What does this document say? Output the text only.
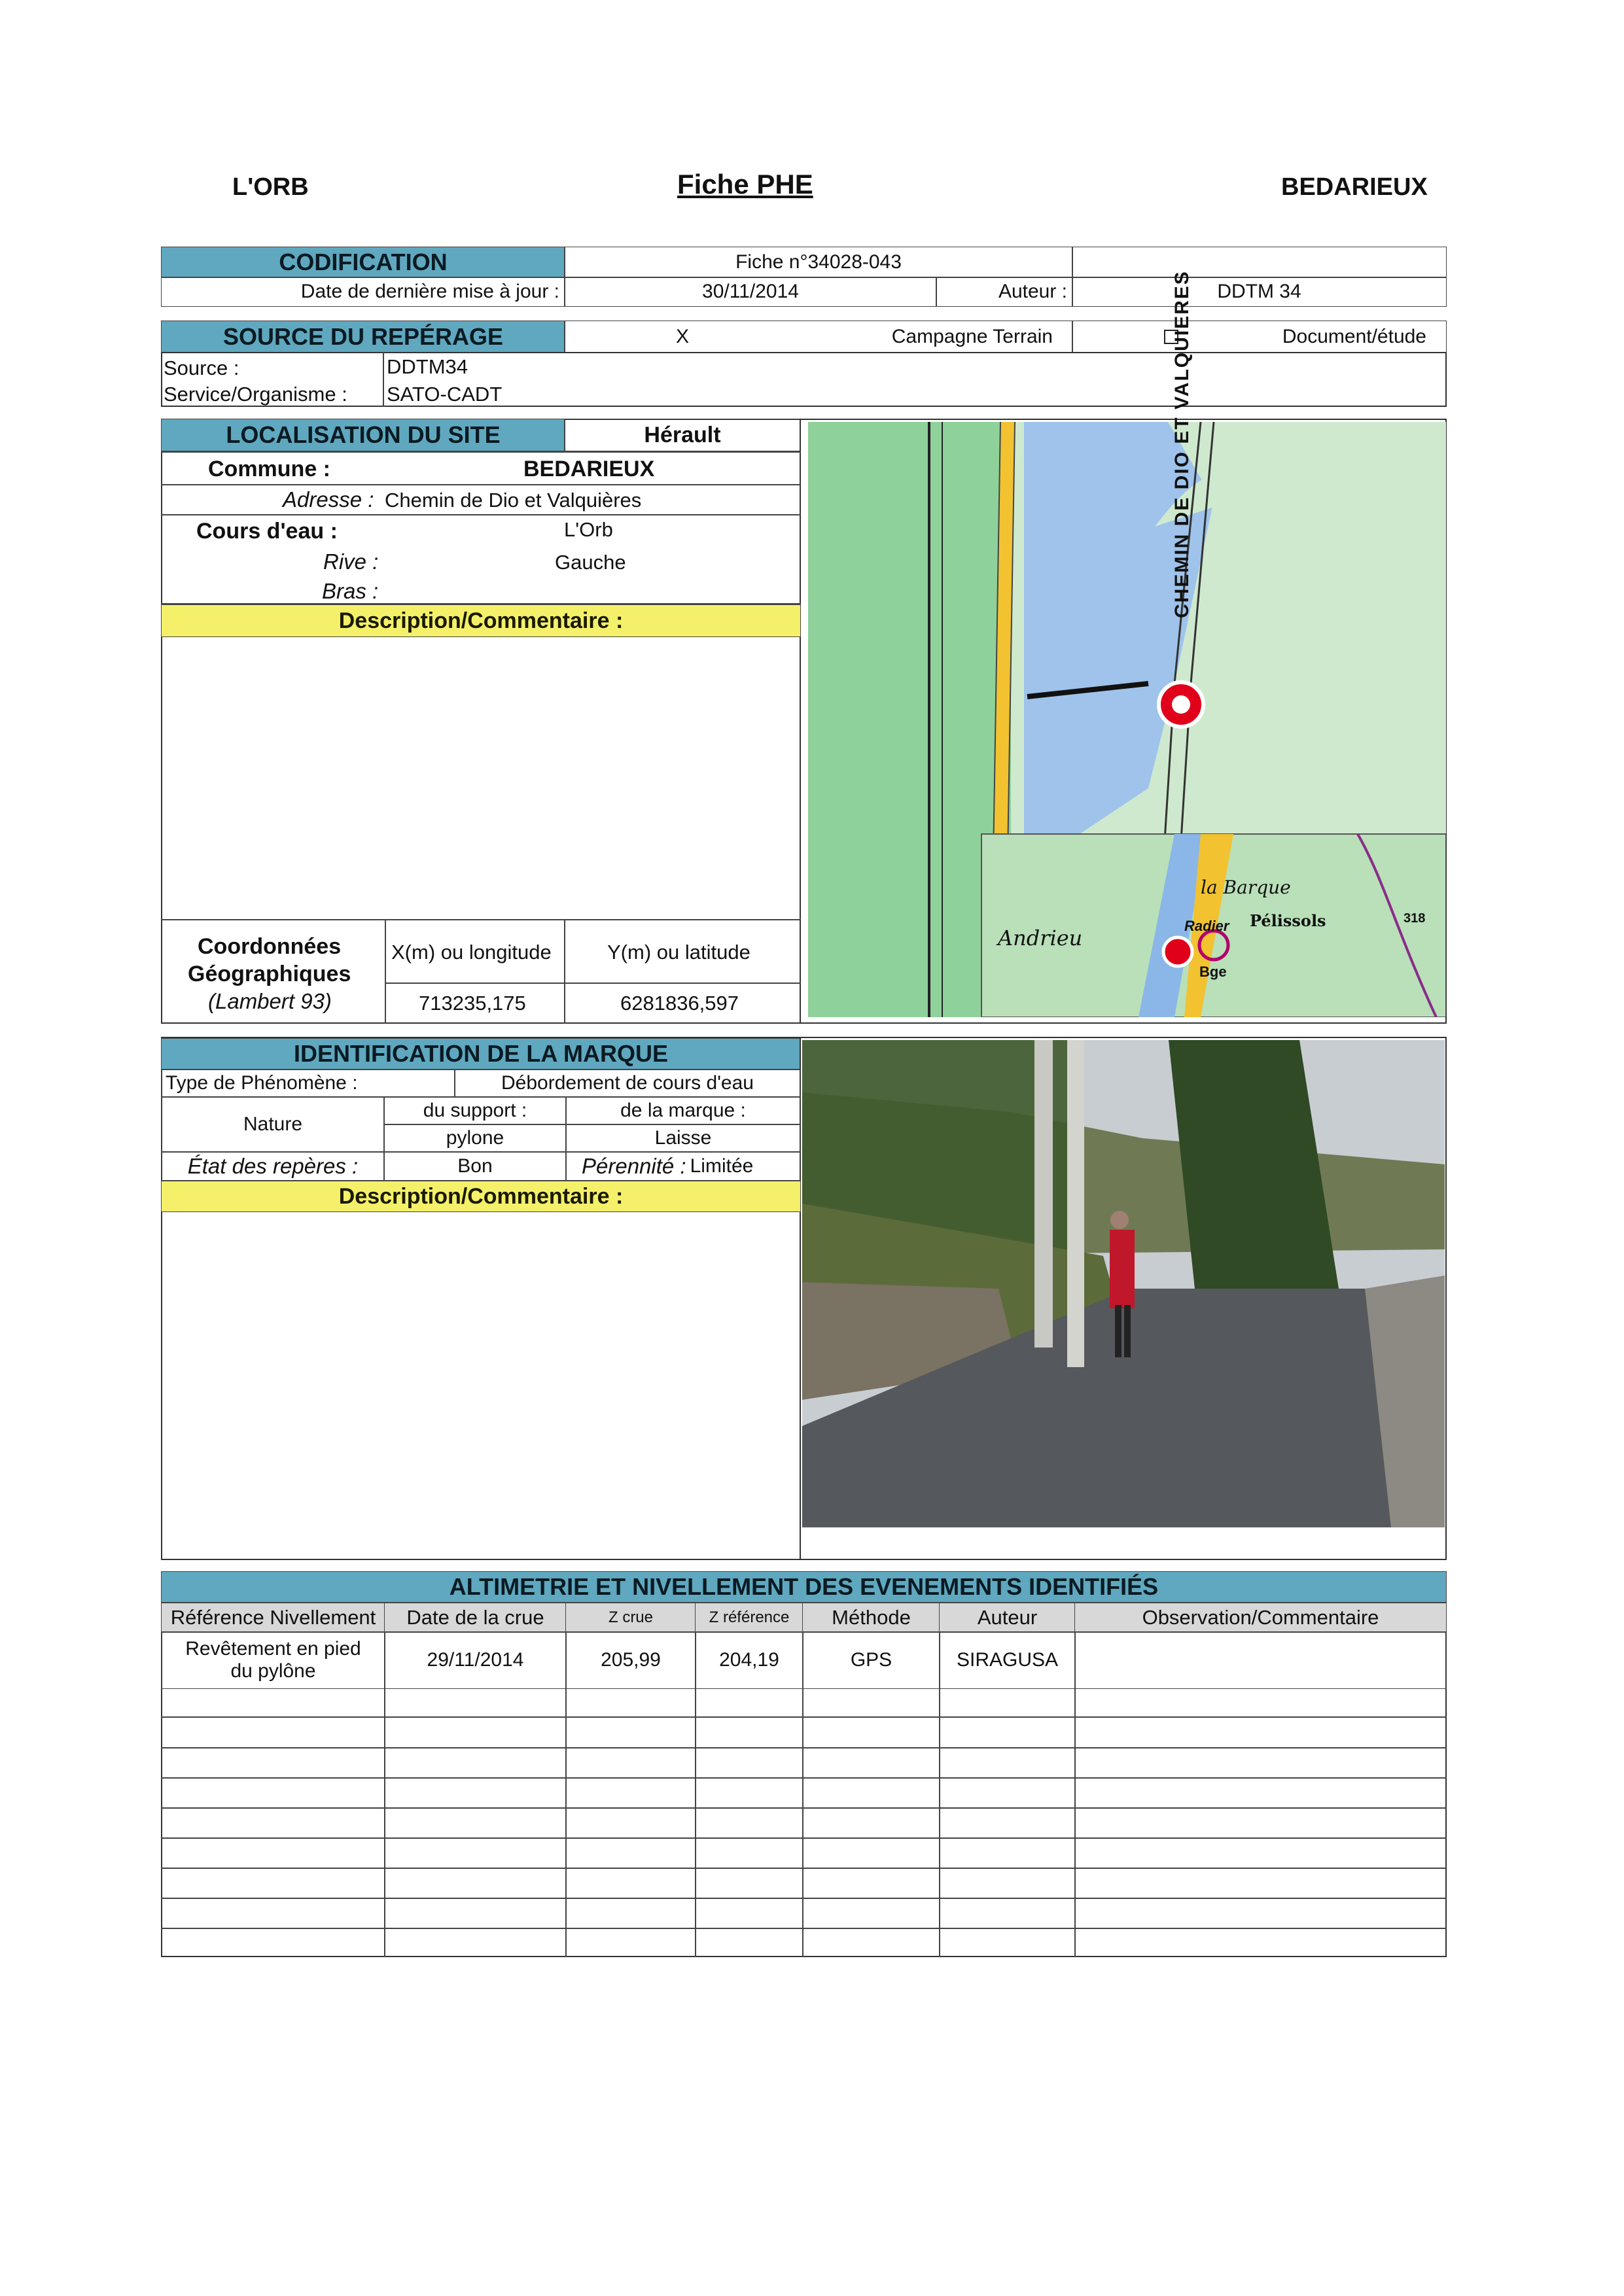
L'ORB	Fiche PHE	BEDARIEUX
CODIFICATION	Fiche n°34028-043
Date de dernière mise à jour :	30/11/2014	Auteur :	DDTM 34
SOURCE DU REPÉRAGE	X	Campagne Terrain	Document/étude
Source :	DDTM34
Service/Organisme : SATO-CADT
LOCALISATION DU SITE	Hérault
Commune :	BEDARIEUX
Adresse : Chemin de Dio et Valquières
Cours d'eau :	L'Orb
Rive :	Gauche
Bras :
Description/Commentaire :
Coordonnées
Géographiques
(Lambert 93)
X(m) ou longitude	Y(m) ou latitude
713235,175	6281836,597
CHEMIN DE DIO ET VALQUIERES
la Barque
Pélissols
Andrieu	Radier
Bge
318
IDENTIFICATION DE LA MARQUE
Type de Phénomène :	Débordement de cours d'eau
Nature
du support :	de la marque :
pylone	Laisse
État des repères :	Bon	Pérennité : Limitée
Description/Commentaire :
ALTIMETRIE ET NIVELLEMENT DES EVENEMENTS IDENTIFIÉS
Référence Nivellement	Date de la crue	Z crue	Z référence	Méthode	Auteur	Observation/Commentaire
Revêtement en pied
du pylône
29/11/2014	205,99	204,19	GPS	SIRAGUSA
